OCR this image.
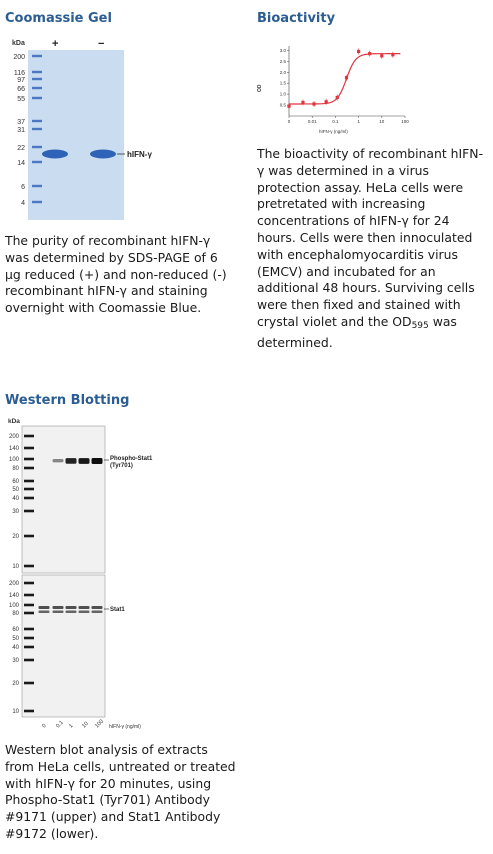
Coomassie Gel
kDa +	−
200
116
97
66
55
37
31
22
14
6
4
hIFN-γ
The purity of recombinant hIFN-γ was determined by SDS-PAGE of 6 μg reduced (+) and non-reduced (-) recombinant hIFN-γ and staining overnight with Coomassie Blue.
Bioactivity
0	0.01	0.1	1	10	100
0.5
1.0
1.5
2.0
2.5
3.0
OD
hIFN-γ (ng/ml)
The bioactivity of recombinant hIFN-γ was determined in a virus protection assay. HeLa cells were pretretated with increasing concentrations of hIFN-γ for 24 hours. Cells were then innoculated with encephalomyocarditis virus (EMCV) and incubated for an additional 48 hours. Surviving cells were then fixed and stained with crystal violet and the $OD_{595}$ was determined.
Western Blotting
kDa
200
140
100
80
60
50
40
30
20
10
200
140
100
80
60
50
40
30
20
10
Phospho-Stat1
(Tyr701)
Stat1
0 0.1 1 10 100 hIFN-γ (ng/ml)
Western blot analysis of extracts from HeLa cells, untreated or treated with hIFN-γ for 20 minutes, using Phospho-Stat1 (Tyr701) Antibody #9171 (upper) and Stat1 Antibody #9172 (lower).
